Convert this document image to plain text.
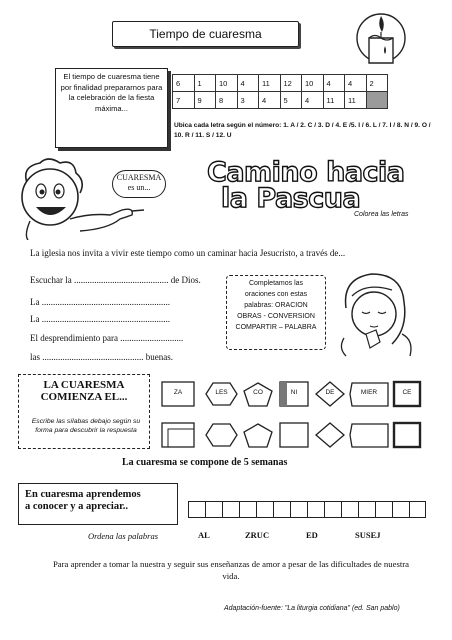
Tiempo de cuaresma
El tiempo de cuaresma tiene por finalidad prepararnos para la celebración de la fiesta máxima...
6	1	10	4	11	12	10	4	4	2
7	9	8	3	4	5	4	11	11	
Ubica cada letra según el número: 1. A / 2. C / 3. D / 4. E /5. I / 6. L / 7. I / 8. N / 9. O / 10. R / 11. S / 12. U
CUARESMA
es un...	Camino hacia
la Pascua
Colorea las letras
La iglesia nos invita a vivir este tiempo como un caminar hacia Jesucristo, a través de...
Escuchar la .......................................... de Dios.
La .........................................................
La .........................................................
El desprendimiento para ............................
las ............................................. buenas.
Completamos las
oraciones con estas
palabras: ORACION
OBRAS - CONVERSION
COMPARTIR – PALABRA
LA CUARESMA
COMIENZA EL...
Escribe las sílabas debajo según su forma para descubrir la respuesta
ZA	LES	CO	NI	DE	MIER	CE
La cuaresma se compone de 5 semanas
En cuaresma aprendemos
a conocer y a apreciar..
Ordena las palabras	AL	ZRUC	ED	SUSEJ
Para aprender a tomar la nuestra y seguir sus enseñanzas de amor a pesar de las dificultades de nuestra vida.
Adaptación-fuente: "La liturgia cotidiana" (ed. San pablo)
